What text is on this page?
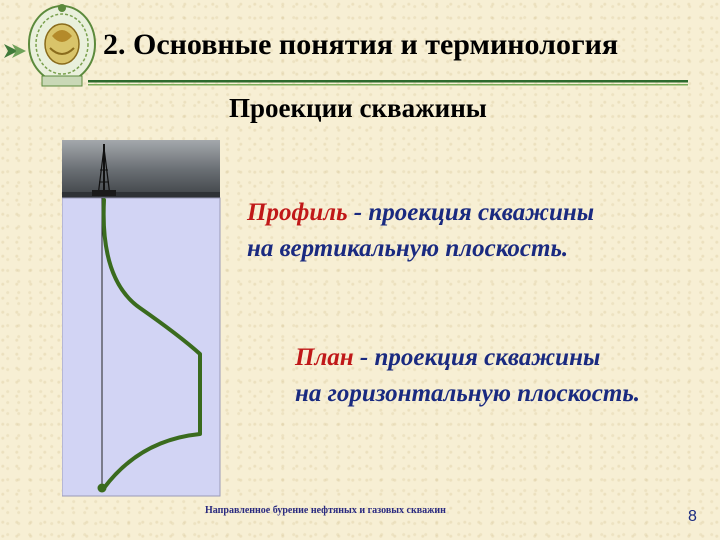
2. Основные понятия и терминология
Проекции скважины
Профиль - проекция скважины
на вертикальную плоскость.
План - проекция скважины
на горизонтальную плоскость.
Направленное бурение нефтяных и газовых скважин	8
